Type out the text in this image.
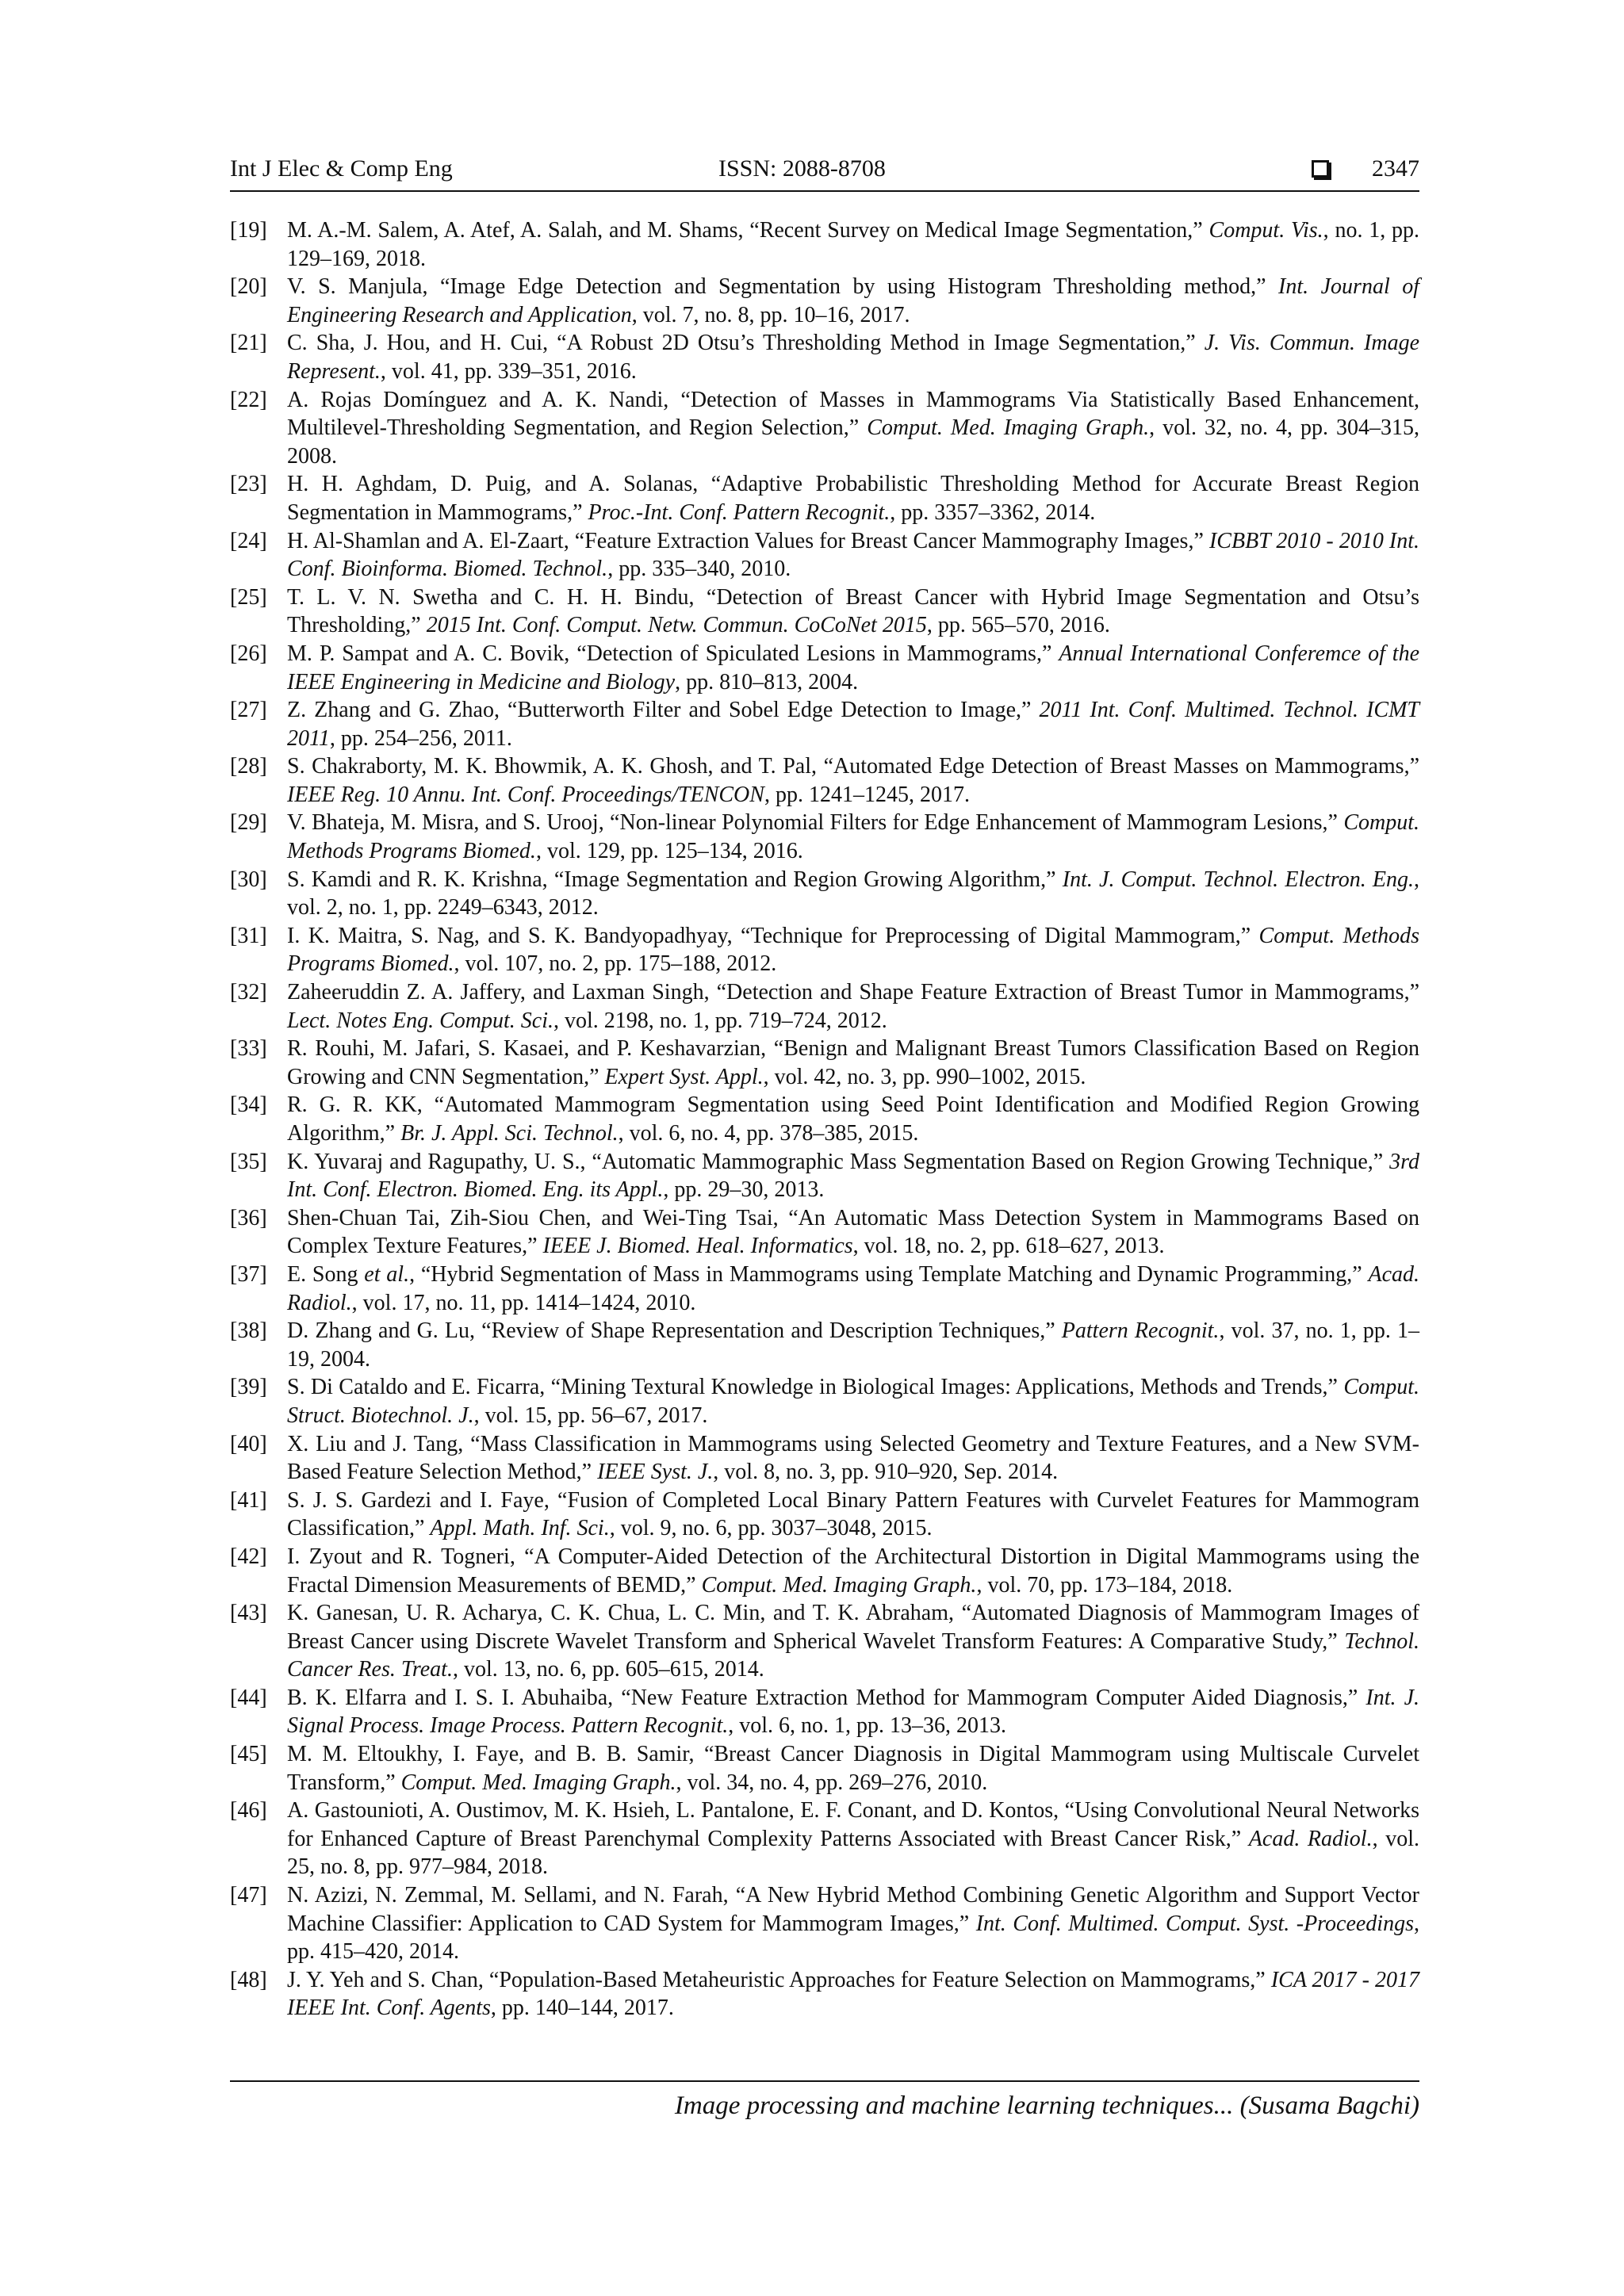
Int J Elec & Comp Eng	ISSN: 2088-8708	2347
[19] M. A.-M. Salem, A. Atef, A. Salah, and M. Shams, “Recent Survey on Medical Image Segmentation,” Comput. Vis., no. 1, pp. 129–169, 2018.
[20] V. S. Manjula, “Image Edge Detection and Segmentation by using Histogram Thresholding method,” Int. Journal of Engineering Research and Application, vol. 7, no. 8, pp. 10–16, 2017.
[21] C. Sha, J. Hou, and H. Cui, “A Robust 2D Otsu’s Thresholding Method in Image Segmentation,” J. Vis. Commun. Image Represent., vol. 41, pp. 339–351, 2016.
[22] A. Rojas Domínguez and A. K. Nandi, “Detection of Masses in Mammograms Via Statistically Based Enhancement, Multilevel-Thresholding Segmentation, and Region Selection,” Comput. Med. Imaging Graph., vol. 32, no. 4, pp. 304–315, 2008.
[23] H. H. Aghdam, D. Puig, and A. Solanas, “Adaptive Probabilistic Thresholding Method for Accurate Breast Region Segmentation in Mammograms,” Proc.-Int. Conf. Pattern Recognit., pp. 3357–3362, 2014.
[24] H. Al-Shamlan and A. El-Zaart, “Feature Extraction Values for Breast Cancer Mammography Images,” ICBBT 2010 - 2010 Int. Conf. Bioinforma. Biomed. Technol., pp. 335–340, 2010.
[25] T. L. V. N. Swetha and C. H. H. Bindu, “Detection of Breast Cancer with Hybrid Image Segmentation and Otsu’s Thresholding,” 2015 Int. Conf. Comput. Netw. Commun. CoCoNet 2015, pp. 565–570, 2016.
[26] M. P. Sampat and A. C. Bovik, “Detection of Spiculated Lesions in Mammograms,” Annual International Conferemce of the IEEE Engineering in Medicine and Biology, pp. 810–813, 2004.
[27] Z. Zhang and G. Zhao, “Butterworth Filter and Sobel Edge Detection to Image,” 2011 Int. Conf. Multimed. Technol. ICMT 2011, pp. 254–256, 2011.
[28] S. Chakraborty, M. K. Bhowmik, A. K. Ghosh, and T. Pal, “Automated Edge Detection of Breast Masses on Mammograms,” IEEE Reg. 10 Annu. Int. Conf. Proceedings/TENCON, pp. 1241–1245, 2017.
[29] V. Bhateja, M. Misra, and S. Urooj, “Non-linear Polynomial Filters for Edge Enhancement of Mammogram Lesions,” Comput. Methods Programs Biomed., vol. 129, pp. 125–134, 2016.
[30] S. Kamdi and R. K. Krishna, “Image Segmentation and Region Growing Algorithm,” Int. J. Comput. Technol. Electron. Eng., vol. 2, no. 1, pp. 2249–6343, 2012.
[31] I. K. Maitra, S. Nag, and S. K. Bandyopadhyay, “Technique for Preprocessing of Digital Mammogram,” Comput. Methods Programs Biomed., vol. 107, no. 2, pp. 175–188, 2012.
[32] Zaheeruddin Z. A. Jaffery, and Laxman Singh, “Detection and Shape Feature Extraction of Breast Tumor in Mammograms,” Lect. Notes Eng. Comput. Sci., vol. 2198, no. 1, pp. 719–724, 2012.
[33] R. Rouhi, M. Jafari, S. Kasaei, and P. Keshavarzian, “Benign and Malignant Breast Tumors Classification Based on Region Growing and CNN Segmentation,” Expert Syst. Appl., vol. 42, no. 3, pp. 990–1002, 2015.
[34] R. G. R. KK, “Automated Mammogram Segmentation using Seed Point Identification and Modified Region Growing Algorithm,” Br. J. Appl. Sci. Technol., vol. 6, no. 4, pp. 378–385, 2015.
[35] K. Yuvaraj and Ragupathy, U. S., “Automatic Mammographic Mass Segmentation Based on Region Growing Technique,” 3rd Int. Conf. Electron. Biomed. Eng. its Appl., pp. 29–30, 2013.
[36] Shen-Chuan Tai, Zih-Siou Chen, and Wei-Ting Tsai, “An Automatic Mass Detection System in Mammograms Based on Complex Texture Features,” IEEE J. Biomed. Heal. Informatics, vol. 18, no. 2, pp. 618–627, 2013.
[37] E. Song et al., “Hybrid Segmentation of Mass in Mammograms using Template Matching and Dynamic Programming,” Acad. Radiol., vol. 17, no. 11, pp. 1414–1424, 2010.
[38] D. Zhang and G. Lu, “Review of Shape Representation and Description Techniques,” Pattern Recognit., vol. 37, no. 1, pp. 1–19, 2004.
[39] S. Di Cataldo and E. Ficarra, “Mining Textural Knowledge in Biological Images: Applications, Methods and Trends,” Comput. Struct. Biotechnol. J., vol. 15, pp. 56–67, 2017.
[40] X. Liu and J. Tang, “Mass Classification in Mammograms using Selected Geometry and Texture Features, and a New SVM-Based Feature Selection Method,” IEEE Syst. J., vol. 8, no. 3, pp. 910–920, Sep. 2014.
[41] S. J. S. Gardezi and I. Faye, “Fusion of Completed Local Binary Pattern Features with Curvelet Features for Mammogram Classification,” Appl. Math. Inf. Sci., vol. 9, no. 6, pp. 3037–3048, 2015.
[42] I. Zyout and R. Togneri, “A Computer-Aided Detection of the Architectural Distortion in Digital Mammograms using the Fractal Dimension Measurements of BEMD,” Comput. Med. Imaging Graph., vol. 70, pp. 173–184, 2018.
[43] K. Ganesan, U. R. Acharya, C. K. Chua, L. C. Min, and T. K. Abraham, “Automated Diagnosis of Mammogram Images of Breast Cancer using Discrete Wavelet Transform and Spherical Wavelet Transform Features: A Comparative Study,” Technol. Cancer Res. Treat., vol. 13, no. 6, pp. 605–615, 2014.
[44] B. K. Elfarra and I. S. I. Abuhaiba, “New Feature Extraction Method for Mammogram Computer Aided Diagnosis,” Int. J. Signal Process. Image Process. Pattern Recognit., vol. 6, no. 1, pp. 13–36, 2013.
[45] M. M. Eltoukhy, I. Faye, and B. B. Samir, “Breast Cancer Diagnosis in Digital Mammogram using Multiscale Curvelet Transform,” Comput. Med. Imaging Graph., vol. 34, no. 4, pp. 269–276, 2010.
[46] A. Gastounioti, A. Oustimov, M. K. Hsieh, L. Pantalone, E. F. Conant, and D. Kontos, “Using Convolutional Neural Networks for Enhanced Capture of Breast Parenchymal Complexity Patterns Associated with Breast Cancer Risk,” Acad. Radiol., vol. 25, no. 8, pp. 977–984, 2018.
[47] N. Azizi, N. Zemmal, M. Sellami, and N. Farah, “A New Hybrid Method Combining Genetic Algorithm and Support Vector Machine Classifier: Application to CAD System for Mammogram Images,” Int. Conf. Multimed. Comput. Syst. -Proceedings, pp. 415–420, 2014.
[48] J. Y. Yeh and S. Chan, “Population-Based Metaheuristic Approaches for Feature Selection on Mammograms,” ICA 2017 - 2017 IEEE Int. Conf. Agents, pp. 140–144, 2017.
Image processing and machine learning techniques... (Susama Bagchi)
